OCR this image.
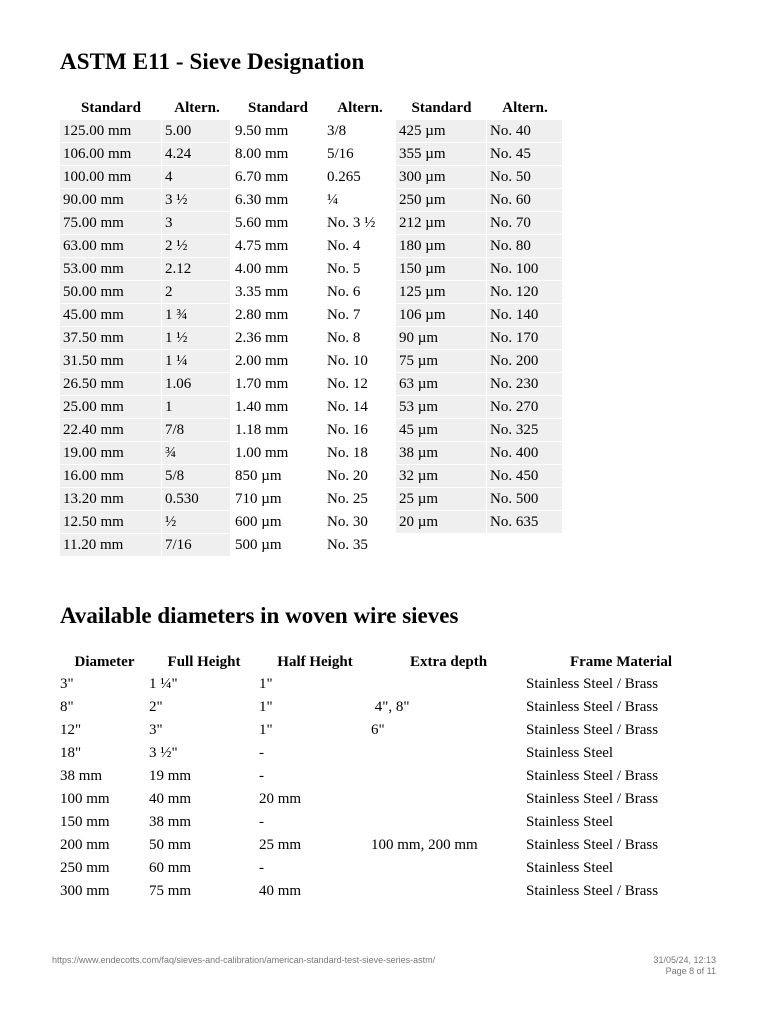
ASTM E11 - Sieve Designation
Standard	Altern.	Standard	Altern.	Standard	Altern.
125.00 mm	5.00	9.50 mm	3/8	425 µm	No. 40
106.00 mm	4.24	8.00 mm	5/16	355 µm	No. 45
100.00 mm	4	6.70 mm	0.265	300 µm	No. 50
90.00 mm	3 ½	6.30 mm	¼	250 µm	No. 60
75.00 mm	3	5.60 mm	No. 3 ½	212 µm	No. 70
63.00 mm	2 ½	4.75 mm	No. 4	180 µm	No. 80
53.00 mm	2.12	4.00 mm	No. 5	150 µm	No. 100
50.00 mm	2	3.35 mm	No. 6	125 µm	No. 120
45.00 mm	1 ¾	2.80 mm	No. 7	106 µm	No. 140
37.50 mm	1 ½	2.36 mm	No. 8	90 µm	No. 170
31.50 mm	1 ¼	2.00 mm	No. 10	75 µm	No. 200
26.50 mm	1.06	1.70 mm	No. 12	63 µm	No. 230
25.00 mm	1	1.40 mm	No. 14	53 µm	No. 270
22.40 mm	7/8	1.18 mm	No. 16	45 µm	No. 325
19.00 mm	¾	1.00 mm	No. 18	38 µm	No. 400
16.00 mm	5/8	850 µm	No. 20	32 µm	No. 450
13.20 mm	0.530	710 µm	No. 25	25 µm	No. 500
12.50 mm	½	600 µm	No. 30	20 µm	No. 635
11.20 mm	7/16	500 µm	No. 35		
Available diameters in woven wire sieves
Diameter	Full Height	Half Height	Extra depth	Frame Material
3"	1 ¼"	1"		Stainless Steel / Brass
8"	2"	1"	4", 8"	Stainless Steel / Brass
12"	3"	1"	6"	Stainless Steel / Brass
18"	3 ½"	-		Stainless Steel
38 mm	19 mm	-		Stainless Steel / Brass
100 mm	40 mm	20 mm		Stainless Steel / Brass
150 mm	38 mm	-		Stainless Steel
200 mm	50 mm	25 mm	100 mm, 200 mm	Stainless Steel / Brass
250 mm	60 mm	-		Stainless Steel
300 mm	75 mm	40 mm		Stainless Steel / Brass
https://www.endecotts.com/faq/sieves-and-calibration/american-standard-test-sieve-series-astm/	31/05/24, 12:13
Page 8 of 11
